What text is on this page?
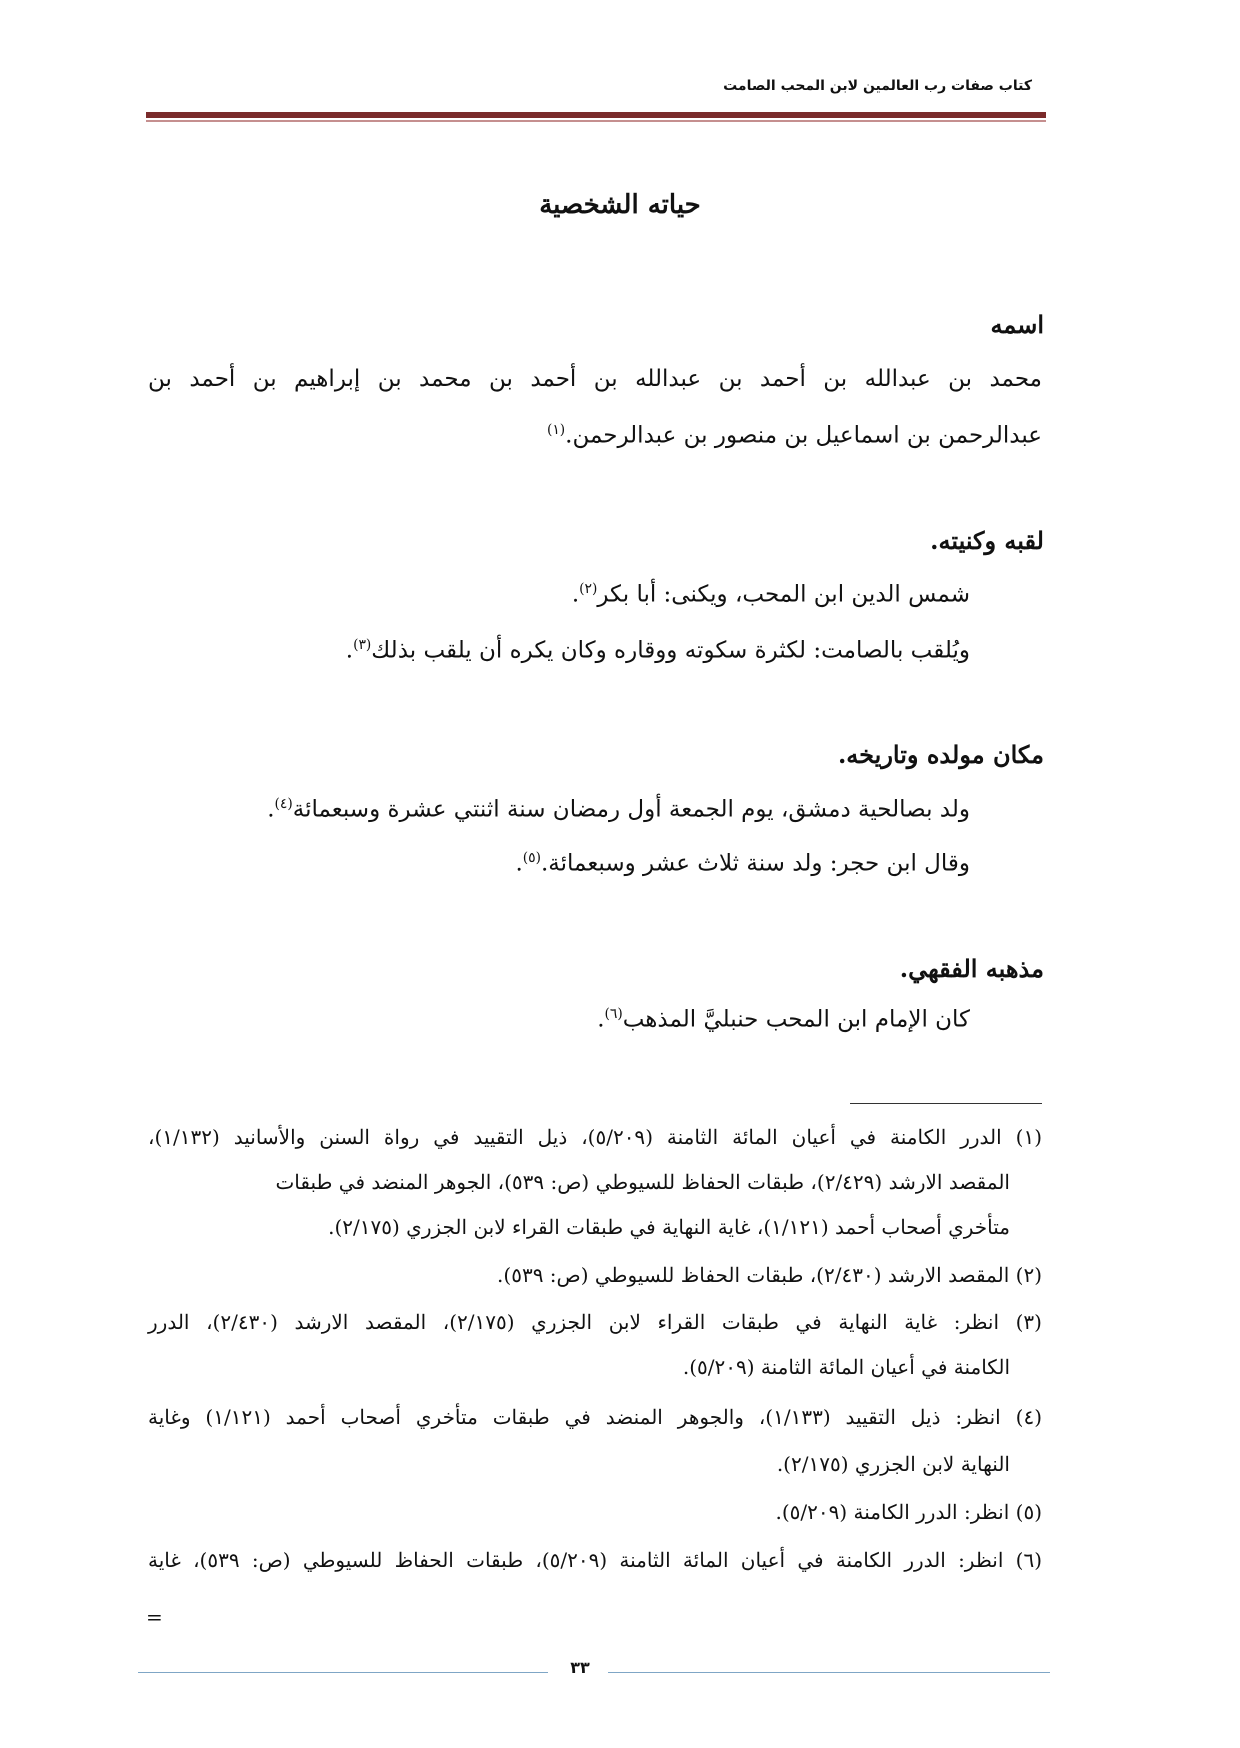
كتاب صفات رب العالمين لابن المحب الصامت
حياته الشخصية
اسمه
محمد بن عبدالله بن أحمد بن عبدالله بن أحمد بن محمد بن إبراهيم بن أحمد بن
عبدالرحمن بن اسماعيل بن منصور بن عبدالرحمن.$^{(١)}$
لقبه وكنيته.
شمس الدين ابن المحب، ويكنى: أبا بكر$^{(٢)}$.
ويُلقب بالصامت: لكثرة سكوته ووقاره وكان يكره أن يلقب بذلك$^{(٣)}$.
مكان مولده وتاريخه.
ولد بصالحية دمشق، يوم الجمعة أول رمضان سنة اثنتي عشرة وسبعمائة$^{(٤)}$.
وقال ابن حجر: ولد سنة ثلاث عشر وسبعمائة.$^{(٥)}$.
مذهبه الفقهي.
كان الإمام ابن المحب حنبليَّ المذهب$^{(٦)}$.
(١) الدرر الكامنة في أعيان المائة الثامنة (٥/٢٠٩)، ذيل التقييد في رواة السنن والأسانيد (١/١٣٢)،
المقصد الارشد (٢/٤٢٩)، طبقات الحفاظ للسيوطي (ص: ٥٣٩)، الجوهر المنضد في طبقات
متأخري أصحاب أحمد (١/١٢١)، غاية النهاية في طبقات القراء لابن الجزري (٢/١٧٥).
(٢) المقصد الارشد (٢/٤٣٠)، طبقات الحفاظ للسيوطي (ص: ٥٣٩).
(٣) انظر: غاية النهاية في طبقات القراء لابن الجزري (٢/١٧٥)، المقصد الارشد (٢/٤٣٠)، الدرر
الكامنة في أعيان المائة الثامنة (٥/٢٠٩).
(٤) انظر: ذيل التقييد (١/١٣٣)، والجوهر المنضد في طبقات متأخري أصحاب أحمد (١/١٢١) وغاية
النهاية لابن الجزري (٢/١٧٥).
(٥) انظر: الدرر الكامنة (٥/٢٠٩).
(٦) انظر: الدرر الكامنة في أعيان المائة الثامنة (٥/٢٠٩)، طبقات الحفاظ للسيوطي (ص: ٥٣٩)، غاية
=
٣٣
